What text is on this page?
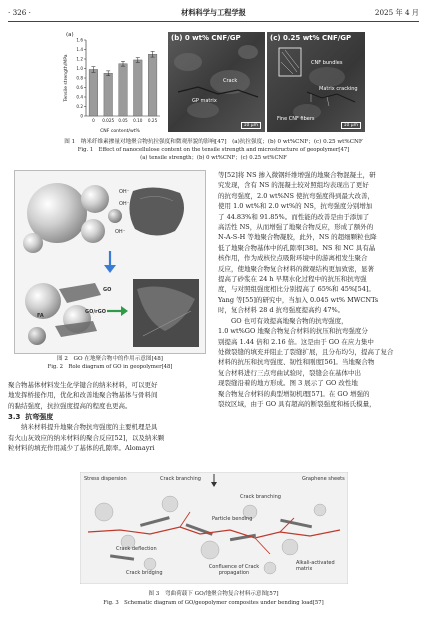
· 326 ·	材料科学与工程学报	2025 年 4 月
(a)
Tensile strength/MPa
CNF content/wt%
0
0.2
0.4
0.6
0.8
1.0
1.2
1.4
1.6
0 0.025 0.05 0.10 0.25
(b) 0 wt% CNF/GP
Crack
GP matrix
10 μm
(c) 0.25 wt% CNF/GP
CNF bundles
Matrix cracking
Fine CNF fibers
10 μm
图 1　纳米纤维素掺量对地聚合物抗拉强度和微观形貌的影响[47]　(a)抗拉强度；(b) 0 wt%CNF；(c) 0.25 wt%CNF
Fig. 1　Effect of nanocellulose content on the tensile strength and microstructure of geopolymer[47]
(a) tensile strength；(b) 0 wt%CNF；(c) 0.25 wt%CNF
OH⁻
OH⁻
OH⁻
FA
GO
GO/rGO
图 2　GO 在地聚合物中的作用示意图[48]
Fig. 2　Role diagram of GO in geopolymer[48]
聚合物基体材料发生化学键合的纳米材料，可以更好
地发挥桥接作用，优化和改善地聚合物基体与骨料间
的黏结强度，抗拉强度提高的程度也更高。
3.3 抗弯强度
纳米材料提升地聚合物抗弯强度的主要机理是具
有火山灰效应的纳米材料的聚合反应[52]，以及纳米颗
粒材料的填充作用减少了基体的孔隙率。Alomayri
等[52]将 NS 掺入微钢纤维增强的地聚合物混凝土，研
究发现，含有 NS 的混凝土较对照组均表现出了更好
的抗弯强度，2.0 wt%NS 使抗弯强度得到最大改善，
使用 1.0 wt%和 2.0 wt%的 NS，抗弯强度分别增加
了 44.83%和 91.85%。而性能的改善是由于添加了
高活性 NS，从而增强了地聚合物反应，形成了额外的
N-A-S-H 等地聚合物凝胶，此外，NS 的超细颗粒也降
低了地聚合物基体中的孔隙率[38]。NS 和 NC 具有晶
核作用，作为成核位点吸附环境中的游离相发生聚合
反应，使地聚合物复合材料的微观结构更加致密，显著
提高了砂浆在 24 h 早期水化过程中的抗压和抗弯强
度，与对照组强度相比分别提高了 65%和 45%[54]。
Yang 等[55]的研究中，当加入 0.045 wt% MWCNTs
时，复合材料 28 d 抗弯强度提高约 47%。
GO 也可有效提高地聚合物的抗弯强度，
1.0 wt%GO 地聚合物复合材料的抗压和抗弯强度分
别提高 1.44 倍和 2.16 倍。这是由于 GO 在应力集中
处微裂缝的填充并阻止了裂缝扩展，且分布均匀，提高了复合
材料的抗压和抗弯强度、韧性和刚度[56]。当地聚合物
复合材料进行三点弯曲试验时，裂缝会在基体中出
现裂缝沿着的地方形成。图 3 展示了 GO 改性地
聚合物复合材料的典型增韧机理[57]。在 GO 增强的
裂纹区域，由于 GO 具有超高的断裂强度和杨氏模量，
Stress dispersion	Crack branching
Crack branching
Graphene sheets
Particle bending
Crack deflection
Crack bridging
Confluence of Crack propagation
Alkali-activated matrix
图 3　弯曲荷载下 GO/地聚合物复合材料示意图[57]
Fig. 3　Schematic diagram of GO/geopolymer composites under bending load[57]
